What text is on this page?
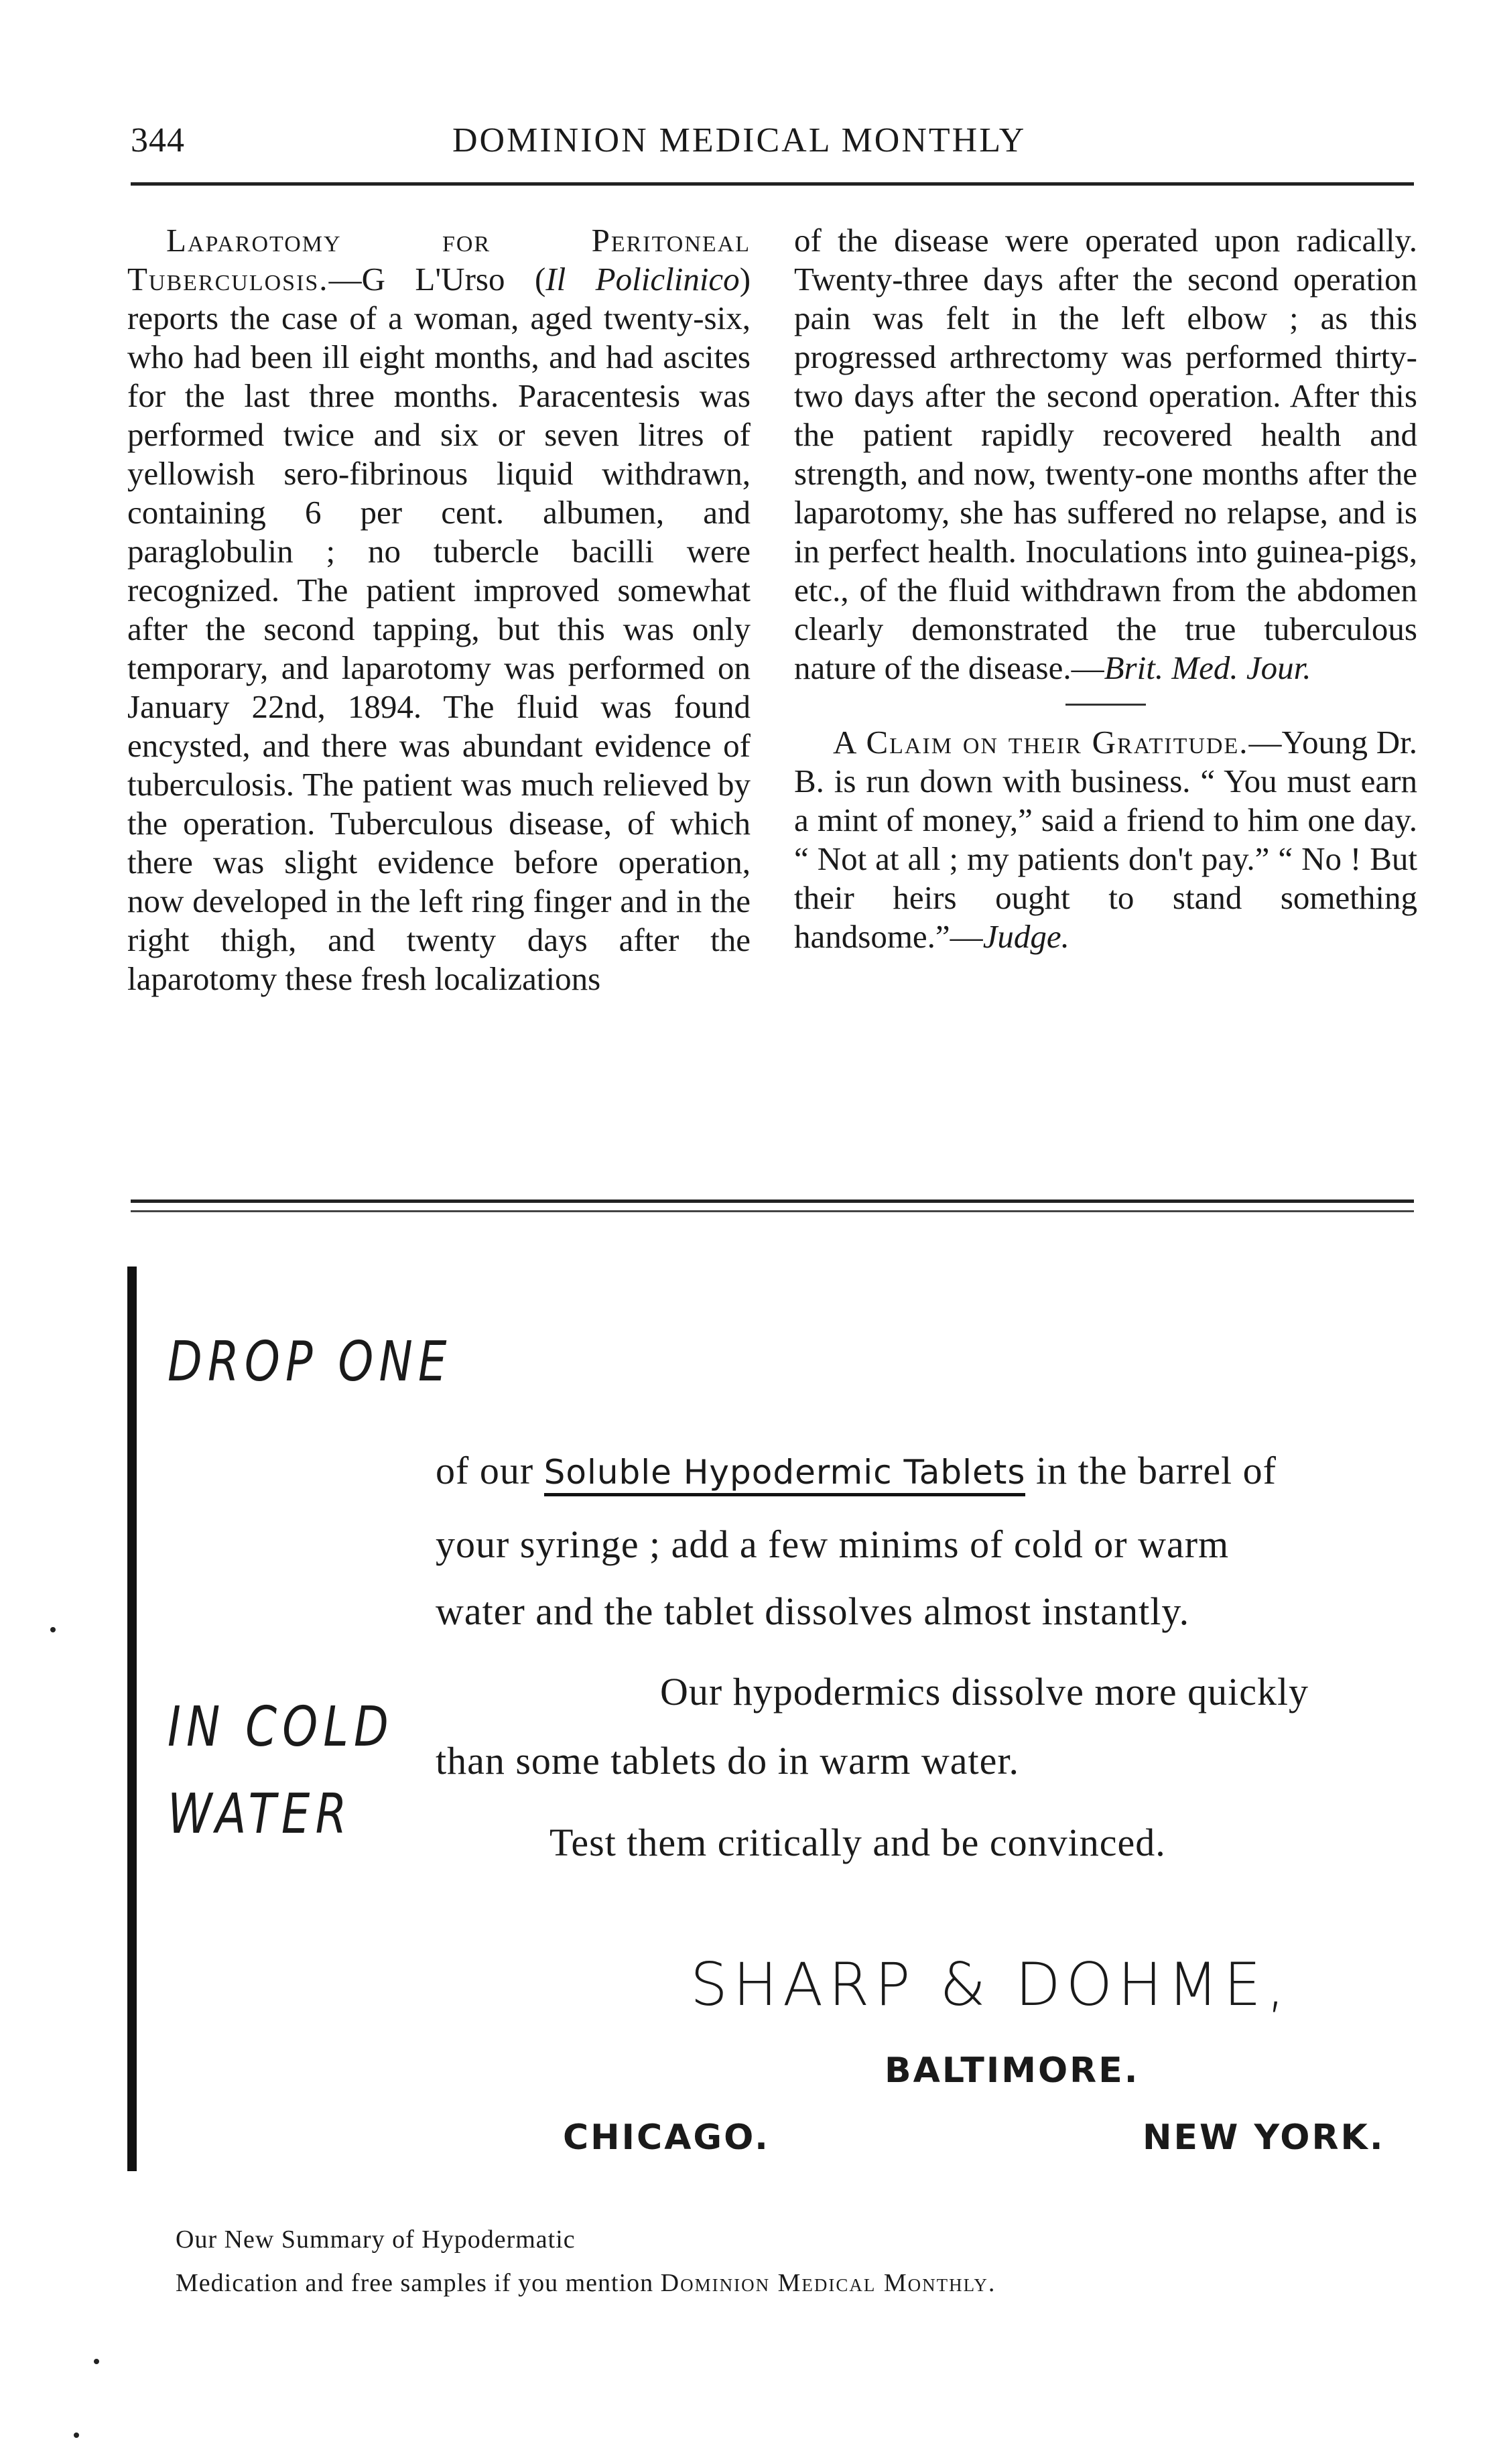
344	DOMINION MEDICAL MONTHLY

Laparotomy for Peritoneal Tuberculosis.—G L'Urso (Il Policlinico) reports the case of a woman, aged twenty-six, who had been ill eight months, and had ascites for the last three months. Paracentesis was performed twice and six or seven litres of yellowish sero-fibrinous liquid withdrawn, containing 6 per cent. albumen, and paraglobulin ; no tubercle bacilli were recognized. The patient improved somewhat after the second tapping, but this was only temporary, and laparotomy was performed on January 22nd, 1894. The fluid was found encysted, and there was abundant evidence of tuberculosis. The patient was much relieved by the operation. Tuberculous disease, of which there was slight evidence before operation, now developed in the left ring finger and in the right thigh, and twenty days after the laparotomy these fresh localizations

of the disease were operated upon radically. Twenty-three days after the second operation pain was felt in the left elbow ; as this progressed arthrectomy was performed thirty-two days after the second operation. After this the patient rapidly recovered health and strength, and now, twenty-one months after the laparotomy, she has suffered no relapse, and is in perfect health. Inoculations into guinea-pigs, etc., of the fluid withdrawn from the abdomen clearly demonstrated the true tuberculous nature of the disease.—Brit. Med. Jour.

A Claim on their Gratitude.—Young Dr. B. is run down with business. “ You must earn a mint of money,” said a friend to him one day. “ Not at all ; my patients don't pay.” “ No ! But their heirs ought to stand something handsome.”—Judge.

DROP ONE
of our Soluble Hypodermic Tablets in the barrel of
your syringe ; add a few minims of cold or warm
water and the tablet dissolves almost instantly.
IN COLD
WATER
Our hypodermics dissolve more quickly
than some tablets do in warm water.
Test them critically and be convinced.
SHARP & DOHME,
BALTIMORE.
CHICAGO.	NEW YORK.
Our New Summary of Hypodermatic
Medication and free samples if you mention Dominion Medical Monthly.
